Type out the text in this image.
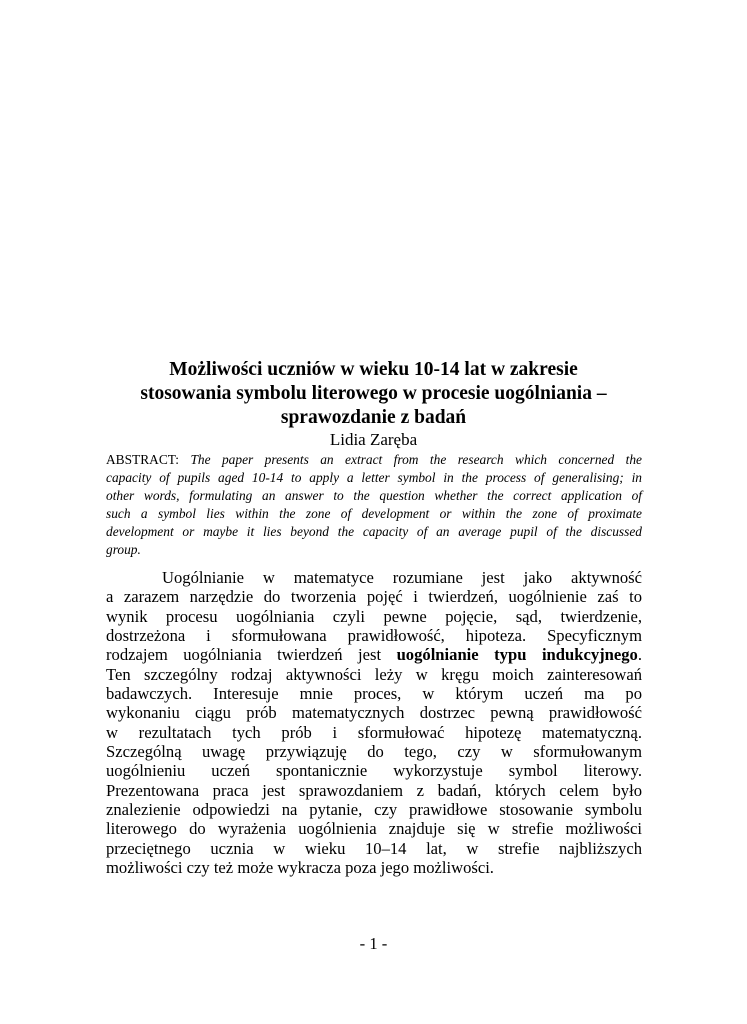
Możliwości uczniów w wieku 10-14 lat w zakresie
stosowania symbolu literowego w procesie uogólniania –
sprawozdanie z badań
Lidia Zaręba
ABSTRACT: The paper presents an extract from the research which concerned the
capacity of pupils aged 10-14 to apply a letter symbol in the process of generalising; in
other words, formulating an answer to the question whether the correct application of
such a symbol lies within the zone of development or within the zone of proximate
development or maybe it lies beyond the capacity of an average pupil of the discussed
group.
Uogólnianie w matematyce rozumiane jest jako aktywność
a zarazem narzędzie do tworzenia pojęć i twierdzeń, uogólnienie zaś to
wynik procesu uogólniania czyli pewne pojęcie, sąd, twierdzenie,
dostrzeżona i sformułowana prawidłowość, hipoteza. Specyficznym
rodzajem uogólniania twierdzeń jest uogólnianie typu indukcyjnego.
Ten szczególny rodzaj aktywności leży w kręgu moich zainteresowań
badawczych. Interesuje mnie proces, w którym uczeń ma po
wykonaniu ciągu prób matematycznych dostrzec pewną prawidłowość
w rezultatach tych prób i sformułować hipotezę matematyczną.
Szczególną uwagę przywiązuję do tego, czy w sformułowanym
uogólnieniu uczeń spontanicznie wykorzystuje symbol literowy.
Prezentowana praca jest sprawozdaniem z badań, których celem było
znalezienie odpowiedzi na pytanie, czy prawidłowe stosowanie symbolu
literowego do wyrażenia uogólnienia znajduje się w strefie możliwości
przeciętnego ucznia w wieku 10–14 lat, w strefie najbliższych
możliwości czy też może wykracza poza jego możliwości.
- 1 -
